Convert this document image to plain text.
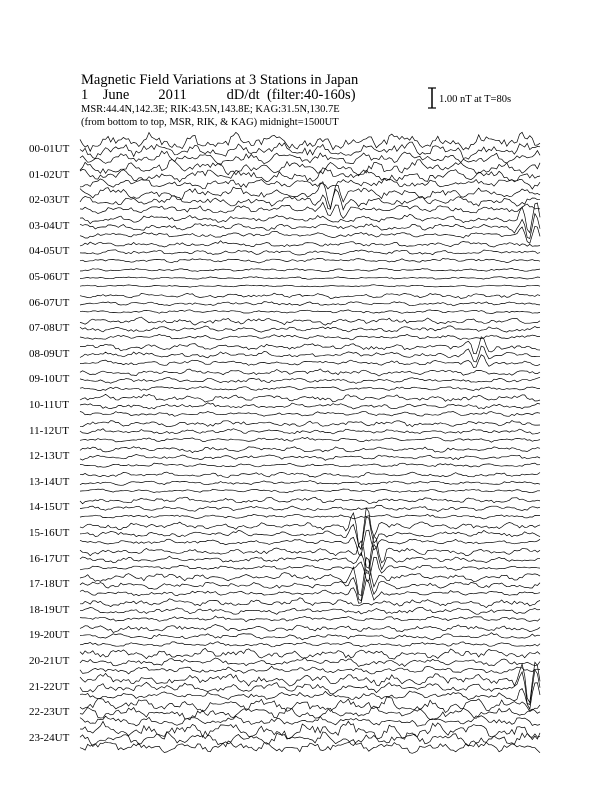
Magnetic Field Variations at 3 Stations in Japan
1    June        2011           dD/dt  (filter:40-160s)
MSR:44.4N,142.3E; RIK:43.5N,143.8E; KAG:31.5N,130.7E
(from bottom to top, MSR, RIK, & KAG) midnight=1500UT
1.00 nT at T=80s
00-01UT
01-02UT
02-03UT
03-04UT
04-05UT
05-06UT
06-07UT
07-08UT
08-09UT
09-10UT
10-11UT
11-12UT
12-13UT
13-14UT
14-15UT
15-16UT
16-17UT
17-18UT
18-19UT
19-20UT
20-21UT
21-22UT
22-23UT
23-24UT
